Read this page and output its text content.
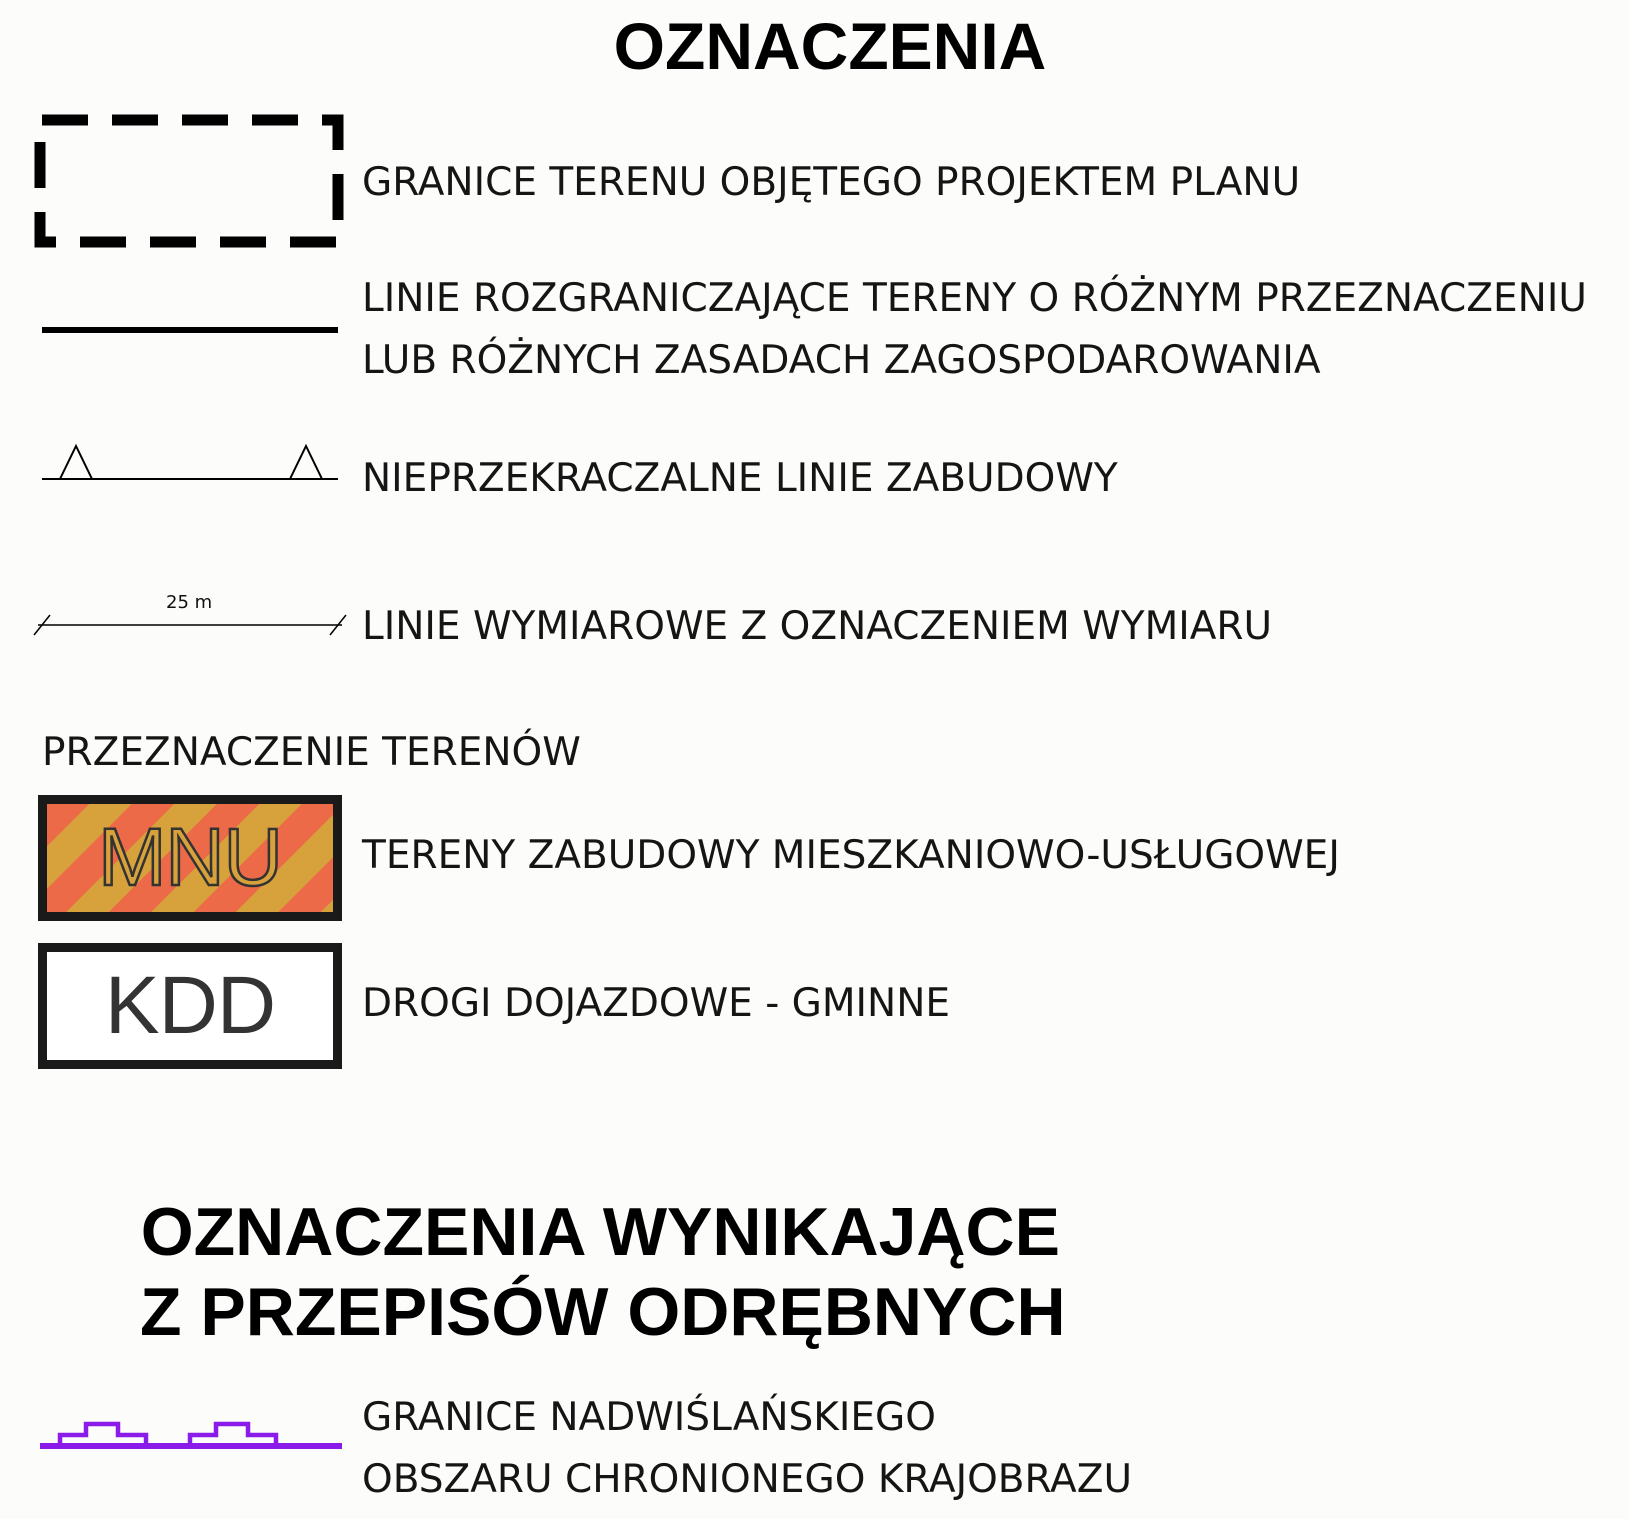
OZNACZENIA
GRANICE TERENU OBJĘTEGO PROJEKTEM PLANU
LINIE ROZGRANICZAJĄCE TERENY O RÓŻNYM PRZEZNACZENIU
LUB RÓŻNYCH ZASADACH ZAGOSPODAROWANIA
NIEPRZEKRACZALNE LINIE ZABUDOWY
25 m
LINIE WYMIAROWE Z OZNACZENIEM WYMIARU
PRZEZNACZENIE TERENÓW
MNU TERENY ZABUDOWY MIESZKANIOWO-USŁUGOWEJ
KDD DROGI DOJAZDOWE - GMINNE
OZNACZENIA WYNIKAJĄCE
Z PRZEPISÓW ODRĘBNYCH
GRANICE NADWIŚLAŃSKIEGO
OBSZARU CHRONIONEGO KRAJOBRAZU
